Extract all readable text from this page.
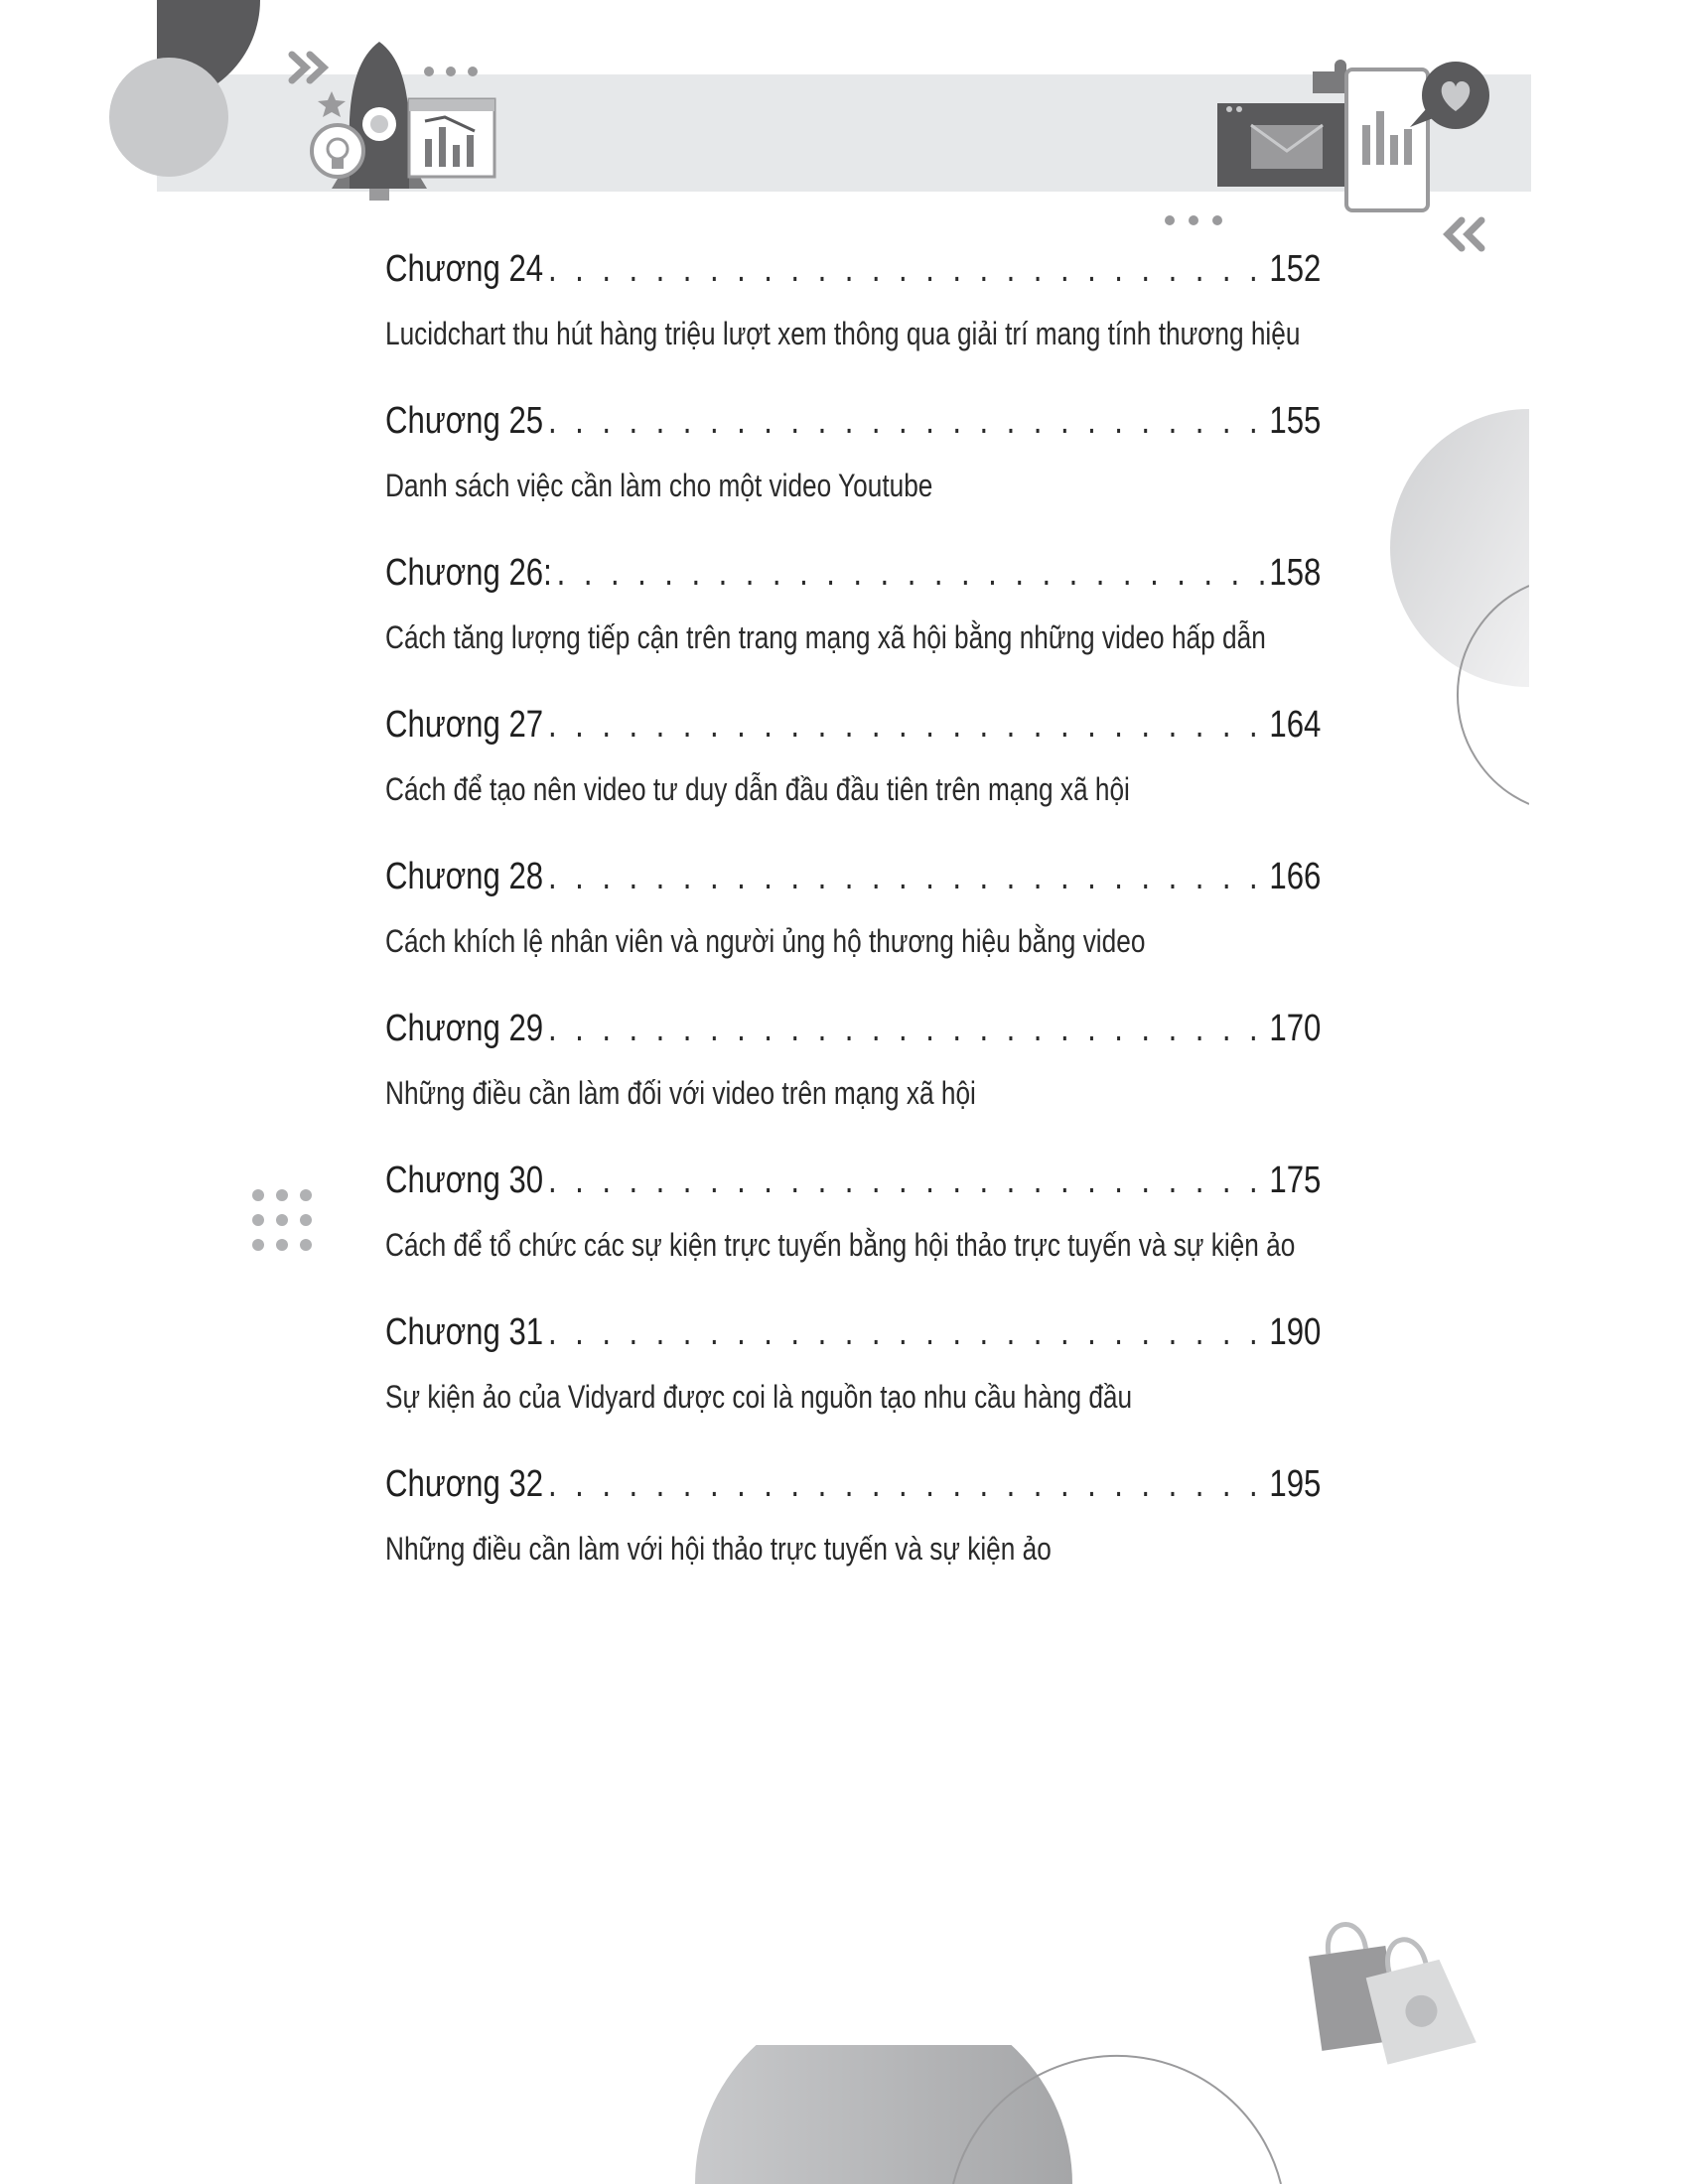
Chương 24 . . .	152
Lucidchart thu hút hàng triệu lượt xem thông qua giải trí mang tính thương hiệu
Chương 25 . . .	155
Danh sách việc cần làm cho một video Youtube
Chương 26: . . .	158
Cách tăng lượng tiếp cận trên trang mạng xã hội bằng những video hấp dẫn
Chương 27 . . .	164
Cách để tạo nên video tư duy dẫn đầu đầu tiên trên mạng xã hội
Chương 28 . . .	166
Cách khích lệ nhân viên và người ủng hộ thương hiệu bằng video
Chương 29 . . .	170
Những điều cần làm đối với video trên mạng xã hội
Chương 30 . . .	175
Cách để tổ chức các sự kiện trực tuyến bằng hội thảo trực tuyến và sự kiện ảo
Chương 31 . . .	190
Sự kiện ảo của Vidyard được coi là nguồn tạo nhu cầu hàng đầu
Chương 32 . . .	195
Những điều cần làm với hội thảo trực tuyến và sự kiện ảo
